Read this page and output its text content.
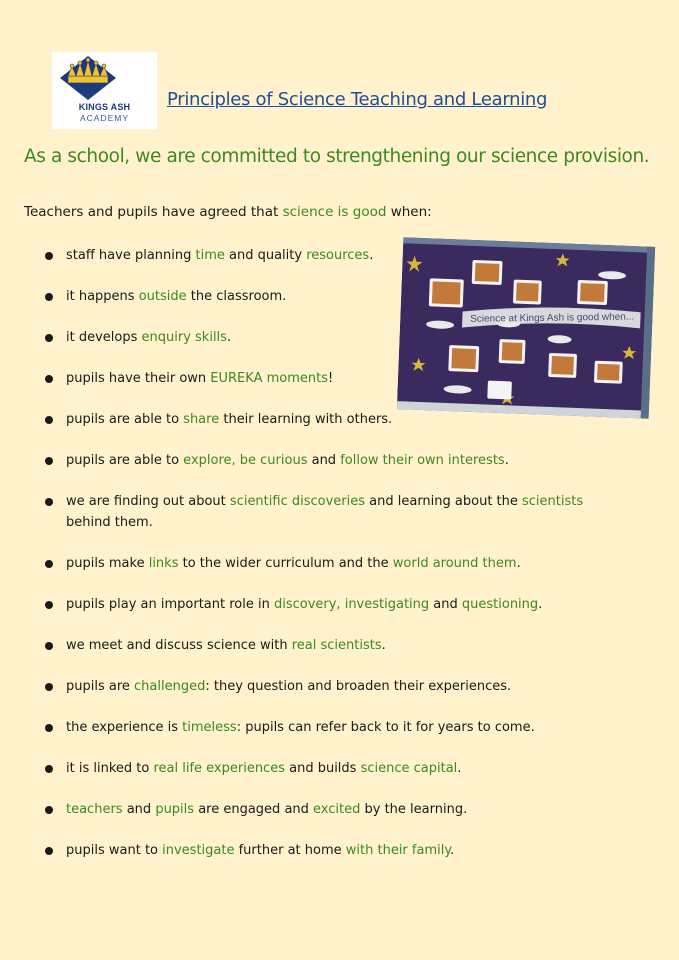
KINGS ASH
ACADEMY
Principles of Science Teaching and Learning
As a school, we are committed to strengthening our science provision.
Teachers and pupils have agreed that science is good when:
Science at Kings Ash is good when...
staff have planning time and quality resources.
it happens outside the classroom.
it develops enquiry skills.
pupils have their own EUREKA moments!
pupils are able to share their learning with others.
pupils are able to explore, be curious and follow their own interests.
we are finding out about scientific discoveries and learning about the scientists behind them.
pupils make links to the wider curriculum and the world around them.
pupils play an important role in discovery, investigating and questioning.
we meet and discuss science with real scientists.
pupils are challenged: they question and broaden their experiences.
the experience is timeless: pupils can refer back to it for years to come.
it is linked to real life experiences and builds science capital.
teachers and pupils are engaged and excited by the learning.
pupils want to investigate further at home with their family.
